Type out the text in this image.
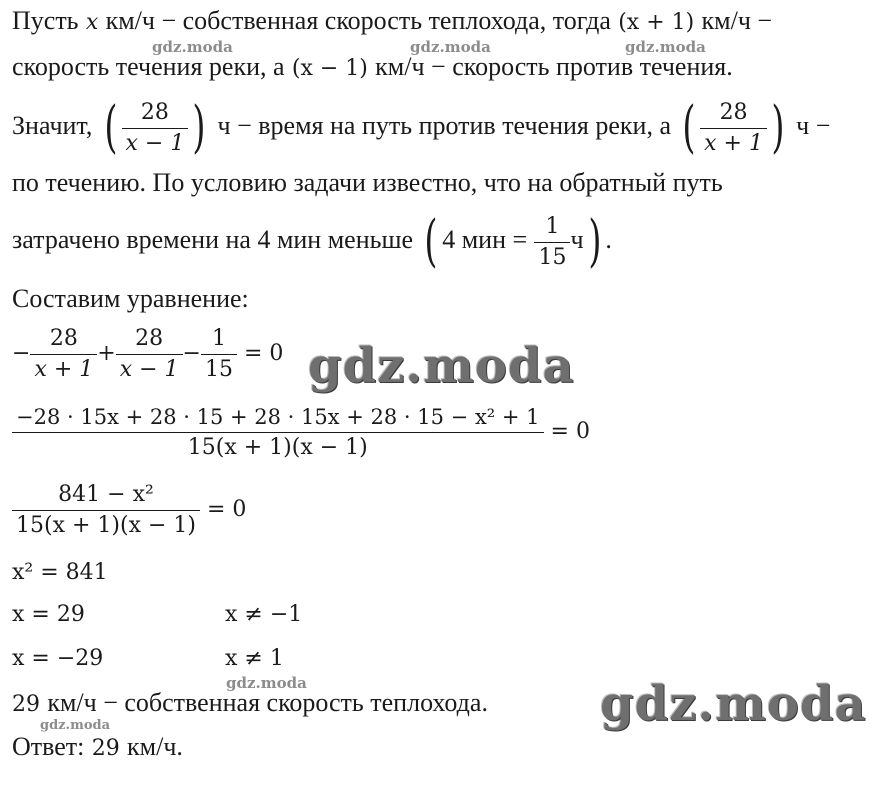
Пусть x км/ч − собственная скорость теплохода, тогда (x + 1) км/ч −
скорость течения реки, а (x − 1) км/ч − скорость против течения.
Значит, ( $\frac{28}{x - 1}$ ) ч − время на путь против течения реки, а ( $\frac{28}{x + 1}$ ) ч −
по течению. По условию задачи известно, что на обратный путь
затрачено времени на 4 мин меньше ( 4 мин = $\frac{1}{15} ч$) .
Составим уравнение:
− $\frac{28}{x + 1} + \frac{28}{x - 1} - \frac{1}{15} = 0$
$\frac{\text{−28 · 15x + 28 · 15 + 28 · 15x + 28 · 15 − x² + 1}}{15(x + 1)(x - 1)} = 0$
$\frac{\text{841 − x²}}{15(x + 1)(x - 1)} = 0$
x² = 841
x = 29	x ≠ −1
x = −29	x ≠ 1
29 км/ч − собственная скорость теплохода.
Ответ: 29 км/ч.
gdz.moda	gdz.moda	gdz.moda
gdz.moda
gdz.moda	gdz.moda
gdz.moda
